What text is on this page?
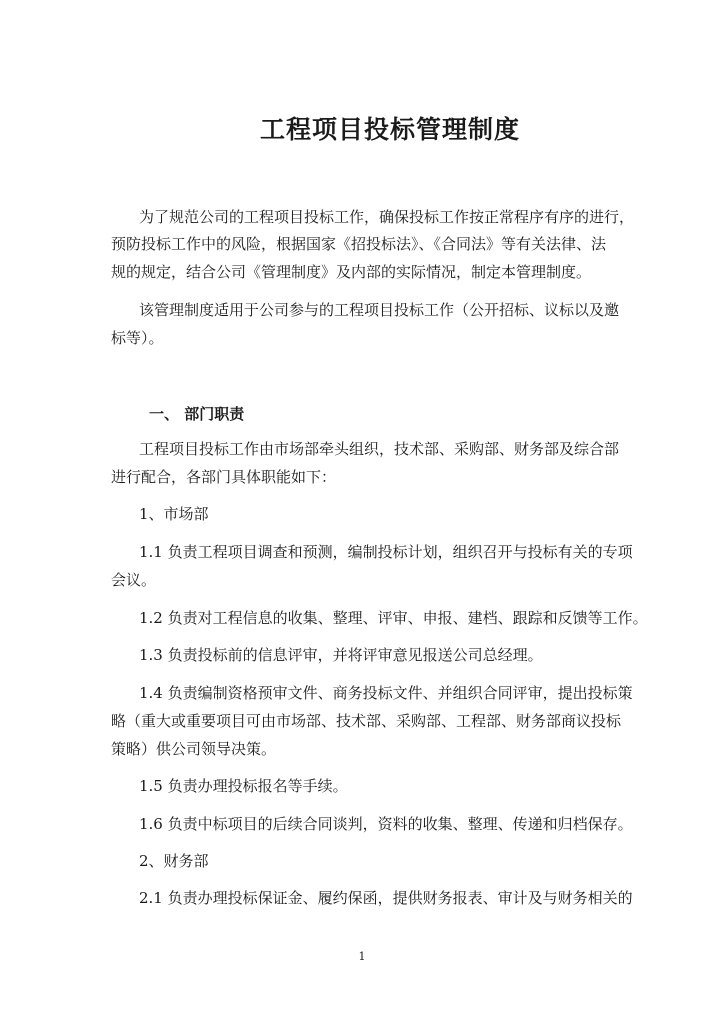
工程项目投标管理制度
为了规范公司的工程项目投标工作，确保投标工作按正常程序有序的进行，
预防投标工作中的风险，根据国家《招投标法》、《合同法》等有关法律、法
规的规定，结合公司《管理制度》及内部的实际情况，制定本管理制度。
该管理制度适用于公司参与的工程项目投标工作（公开招标、议标以及邀
标等）。
一、 部门职责
工程项目投标工作由市场部牵头组织，技术部、采购部、财务部及综合部
进行配合，各部门具体职能如下：
1、市场部
1.1 负责工程项目调查和预测，编制投标计划，组织召开与投标有关的专项
会议。
1.2 负责对工程信息的收集、整理、评审、申报、建档、跟踪和反馈等工作。
1.3 负责投标前的信息评审，并将评审意见报送公司总经理。
1.4 负责编制资格预审文件、商务投标文件、并组织合同评审，提出投标策
略（重大或重要项目可由市场部、技术部、采购部、工程部、财务部商议投标
策略）供公司领导决策。
1.5 负责办理投标报名等手续。
1.6 负责中标项目的后续合同谈判，资料的收集、整理、传递和归档保存。
2、财务部
2.1 负责办理投标保证金、履约保函，提供财务报表、审计及与财务相关的
1
